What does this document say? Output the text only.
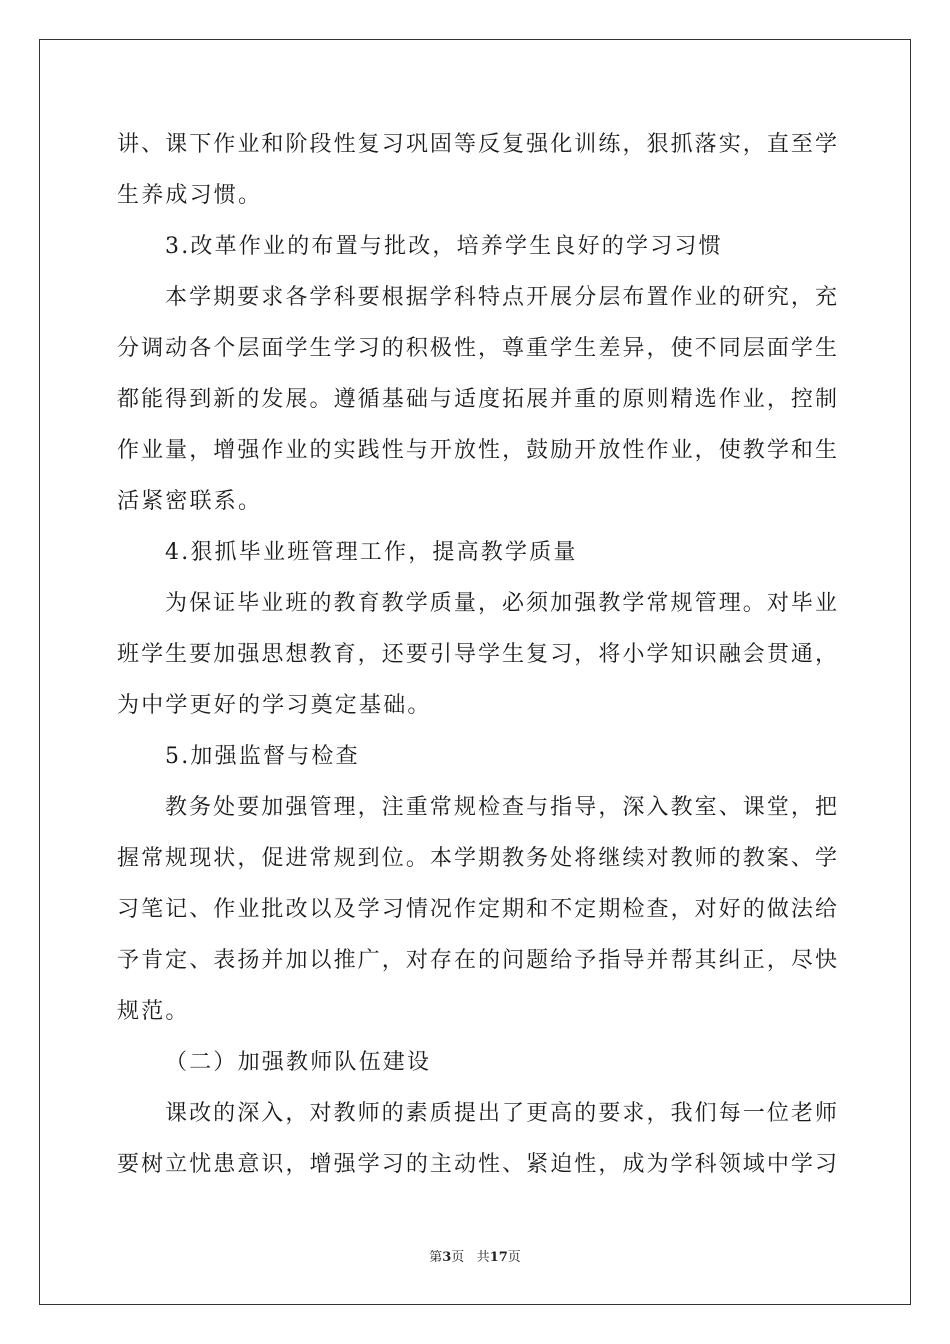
讲、课下作业和阶段性复习巩固等反复强化训练，狠抓落实，直至学
生养成习惯。
3.改革作业的布置与批改，培养学生良好的学习习惯
本学期要求各学科要根据学科特点开展分层布置作业的研究，充
分调动各个层面学生学习的积极性，尊重学生差异，使不同层面学生
都能得到新的发展。遵循基础与适度拓展并重的原则精选作业，控制
作业量，增强作业的实践性与开放性，鼓励开放性作业，使教学和生
活紧密联系。
4.狠抓毕业班管理工作，提高教学质量
为保证毕业班的教育教学质量，必须加强教学常规管理。对毕业
班学生要加强思想教育，还要引导学生复习，将小学知识融会贯通，
为中学更好的学习奠定基础。
5.加强监督与检查
教务处要加强管理，注重常规检查与指导，深入教室、课堂，把
握常规现状，促进常规到位。本学期教务处将继续对教师的教案、学
习笔记、作业批改以及学习情况作定期和不定期检查，对好的做法给
予肯定、表扬并加以推广，对存在的问题给予指导并帮其纠正，尽快
规范。
（二）加强教师队伍建设
课改的深入，对教师的素质提出了更高的要求，我们每一位老师
要树立忧患意识，增强学习的主动性、紧迫性，成为学科领域中学习
第3页 共17页
